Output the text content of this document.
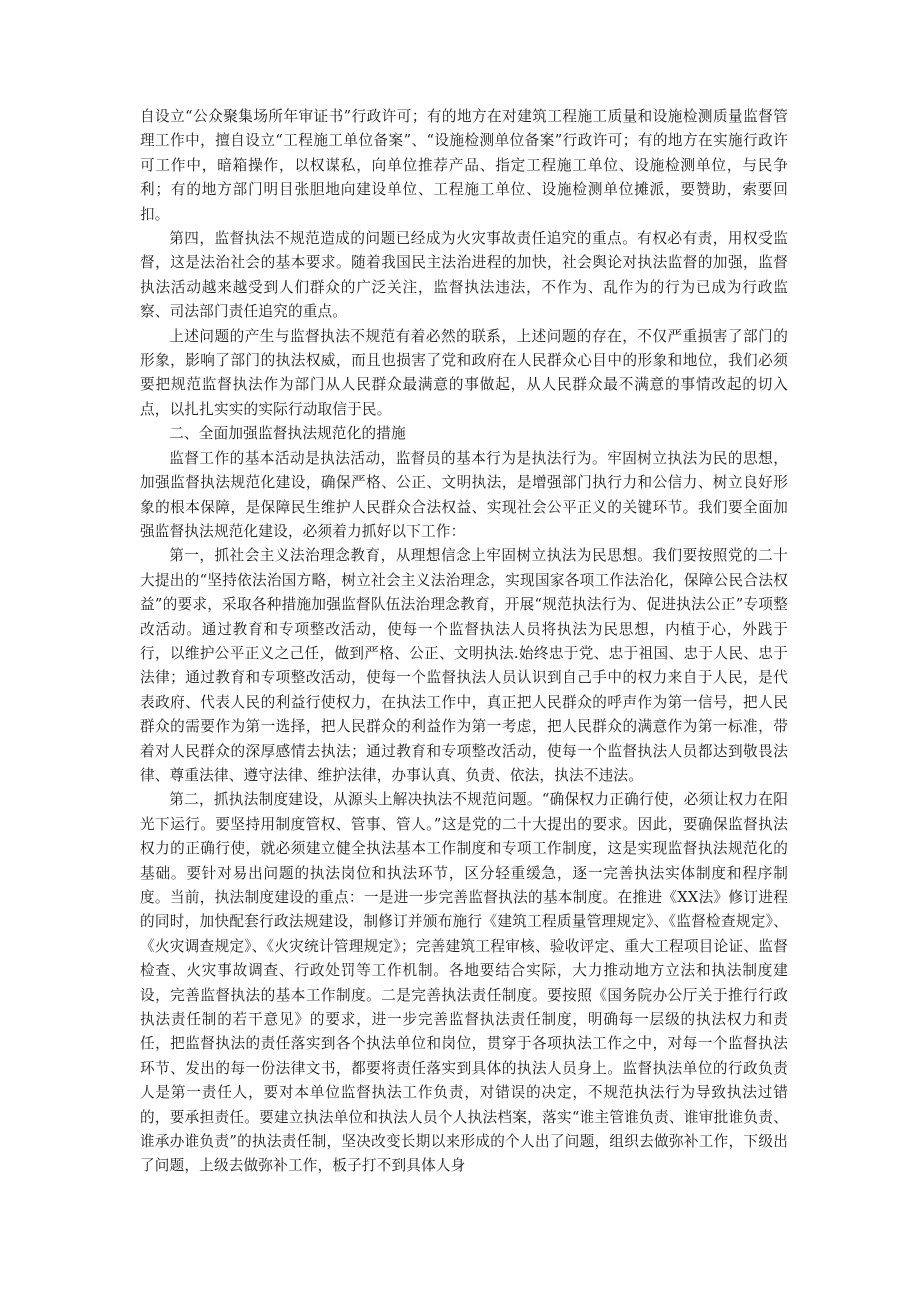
自设立“公众聚集场所年审证书”行政许可；有的地方在对建筑工程施工质量和设施检测质量监督管理工作中，擅自设立“工程施工单位备案”、“设施检测单位备案”行政许可；有的地方在实施行政许可工作中，暗箱操作，以权谋私，向单位推荐产品、指定工程施工单位、设施检测单位，与民争利；有的地方部门明目张胆地向建设单位、工程施工单位、设施检测单位摊派，要赞助，索要回扣。

第四，监督执法不规范造成的问题已经成为火灾事故责任追究的重点。有权必有责，用权受监督，这是法治社会的基本要求。随着我国民主法治进程的加快，社会舆论对执法监督的加强，监督执法活动越来越受到人们群众的广泛关注，监督执法违法，不作为、乱作为的行为已成为行政监察、司法部门责任追究的重点。

上述问题的产生与监督执法不规范有着必然的联系，上述问题的存在，不仅严重损害了部门的形象，影响了部门的执法权威，而且也损害了党和政府在人民群众心目中的形象和地位，我们必须要把规范监督执法作为部门从人民群众最满意的事做起，从人民群众最不满意的事情改起的切入点，以扎扎实实的实际行动取信于民。

二、全面加强监督执法规范化的措施

监督工作的基本活动是执法活动，监督员的基本行为是执法行为。牢固树立执法为民的思想，加强监督执法规范化建设，确保严格、公正、文明执法，是增强部门执行力和公信力、树立良好形象的根本保障，是保障民生维护人民群众合法权益、实现社会公平正义的关键环节。我们要全面加强监督执法规范化建设，必须着力抓好以下工作：

第一，抓社会主义法治理念教育，从理想信念上牢固树立执法为民思想。我们要按照党的二十大提出的“坚持依法治国方略，树立社会主义法治理念，实现国家各项工作法治化，保障公民合法权益”的要求，采取各种措施加强监督队伍法治理念教育，开展“规范执法行为、促进执法公正”专项整改活动。通过教育和专项整改活动，使每一个监督执法人员将执法为民思想，内植于心，外践于行，以维护公平正义之己任，做到严格、公正、文明执法.始终忠于党、忠于祖国、忠于人民、忠于法律；通过教育和专项整改活动，使每一个监督执法人员认识到自己手中的权力来自于人民，是代表政府、代表人民的利益行使权力，在执法工作中，真正把人民群众的呼声作为第一信号，把人民群众的需要作为第一选择，把人民群众的利益作为第一考虑，把人民群众的满意作为第一标准，带着对人民群众的深厚感情去执法；通过教育和专项整改活动，使每一个监督执法人员都达到敬畏法律、尊重法律、遵守法律、维护法律，办事认真、负责、依法，执法不违法。

第二，抓执法制度建设，从源头上解决执法不规范问题。“确保权力正确行使，必须让权力在阳光下运行。要坚持用制度管权、管事、管人。”这是党的二十大提出的要求。因此，要确保监督执法权力的正确行使，就必须建立健全执法基本工作制度和专项工作制度，这是实现监督执法规范化的基础。要针对易出问题的执法岗位和执法环节，区分轻重缓急，逐一完善执法实体制度和程序制度。当前，执法制度建设的重点：一是进一步完善监督执法的基本制度。在推进《XX法》修订进程的同时，加快配套行政法规建设，制修订并颁布施行《建筑工程质量管理规定》、《监督检查规定》、《火灾调查规定》、《火灾统计管理规定》；完善建筑工程审核、验收评定、重大工程项目论证、监督检查、火灾事故调查、行政处罚等工作机制。各地要结合实际，大力推动地方立法和执法制度建设，完善监督执法的基本工作制度。二是完善执法责任制度。要按照《国务院办公厅关于推行行政执法责任制的若干意见》的要求，进一步完善监督执法责任制度，明确每一层级的执法权力和责任，把监督执法的责任落实到各个执法单位和岗位，贯穿于各项执法工作之中，对每一个监督执法环节、发出的每一份法律文书，都要将责任落实到具体的执法人员身上。监督执法单位的行政负责人是第一责任人，要对本单位监督执法工作负责，对错误的决定，不规范执法行为导致执法过错的，要承担责任。要建立执法单位和执法人员个人执法档案，落实“谁主管谁负责、谁审批谁负责、谁承办谁负责”的执法责任制，坚决改变长期以来形成的个人出了问题，组织去做弥补工作，下级出了问题，上级去做弥补工作，板子打不到具体人身
